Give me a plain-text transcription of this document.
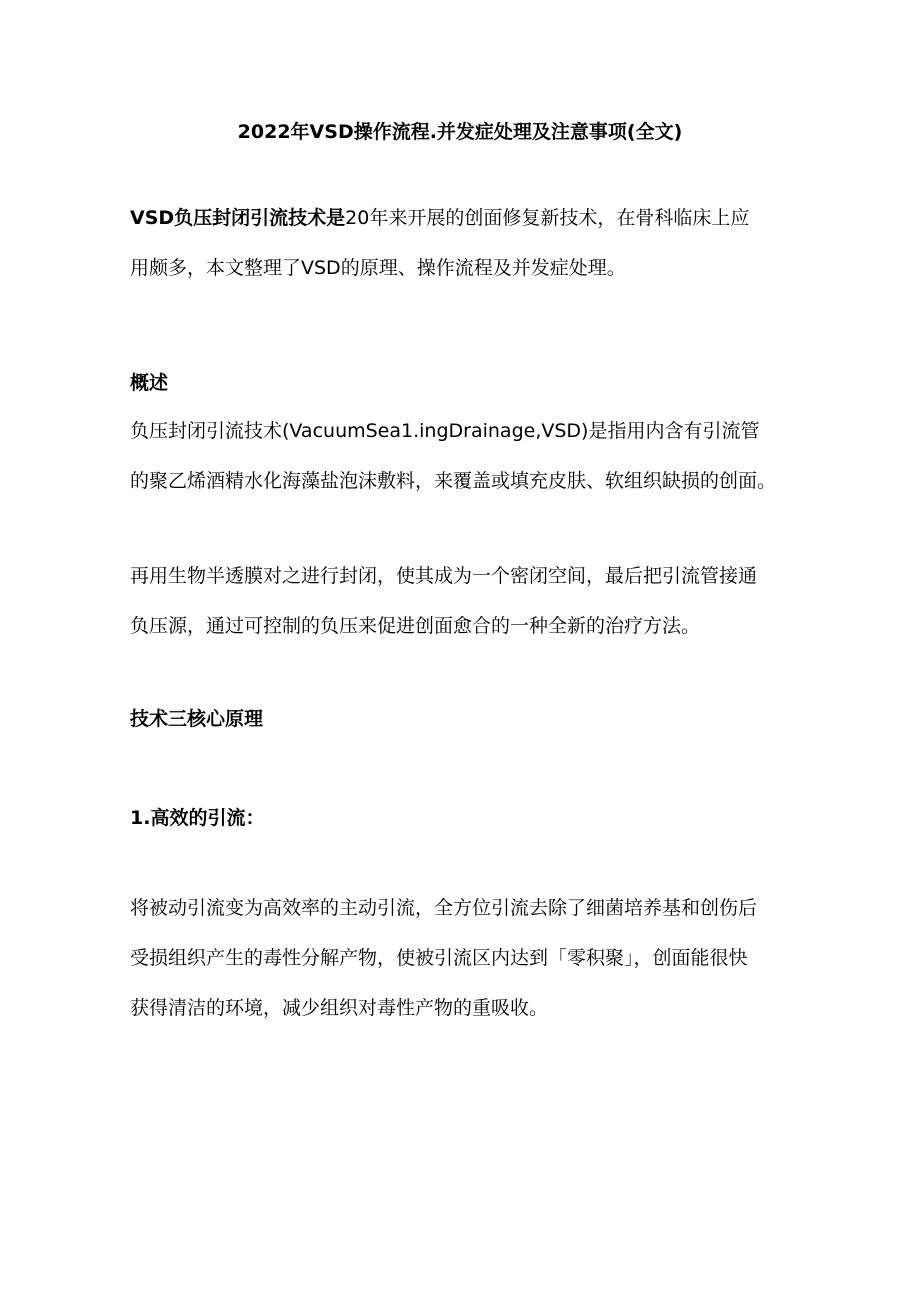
2022年VSD操作流程.并发症处理及注意事项(全文)
VSD负压封闭引流技术是20年来开展的创面修复新技术，在骨科临床上应
用颇多，本文整理了VSD的原理、操作流程及并发症处理。
概述
负压封闭引流技术(VacuumSea1.ingDrainage,VSD)是指用内含有引流管
的聚乙烯酒精水化海藻盐泡沫敷料，来覆盖或填充皮肤、软组织缺损的创面。
再用生物半透膜对之进行封闭，使其成为一个密闭空间，最后把引流管接通
负压源，通过可控制的负压来促进创面愈合的一种全新的治疗方法。
技术三核心原理
1.高效的引流：
将被动引流变为高效率的主动引流，全方位引流去除了细菌培养基和创伤后
受损组织产生的毒性分解产物，使被引流区内达到「零积聚」，创面能很快
获得清洁的环境，减少组织对毒性产物的重吸收。
